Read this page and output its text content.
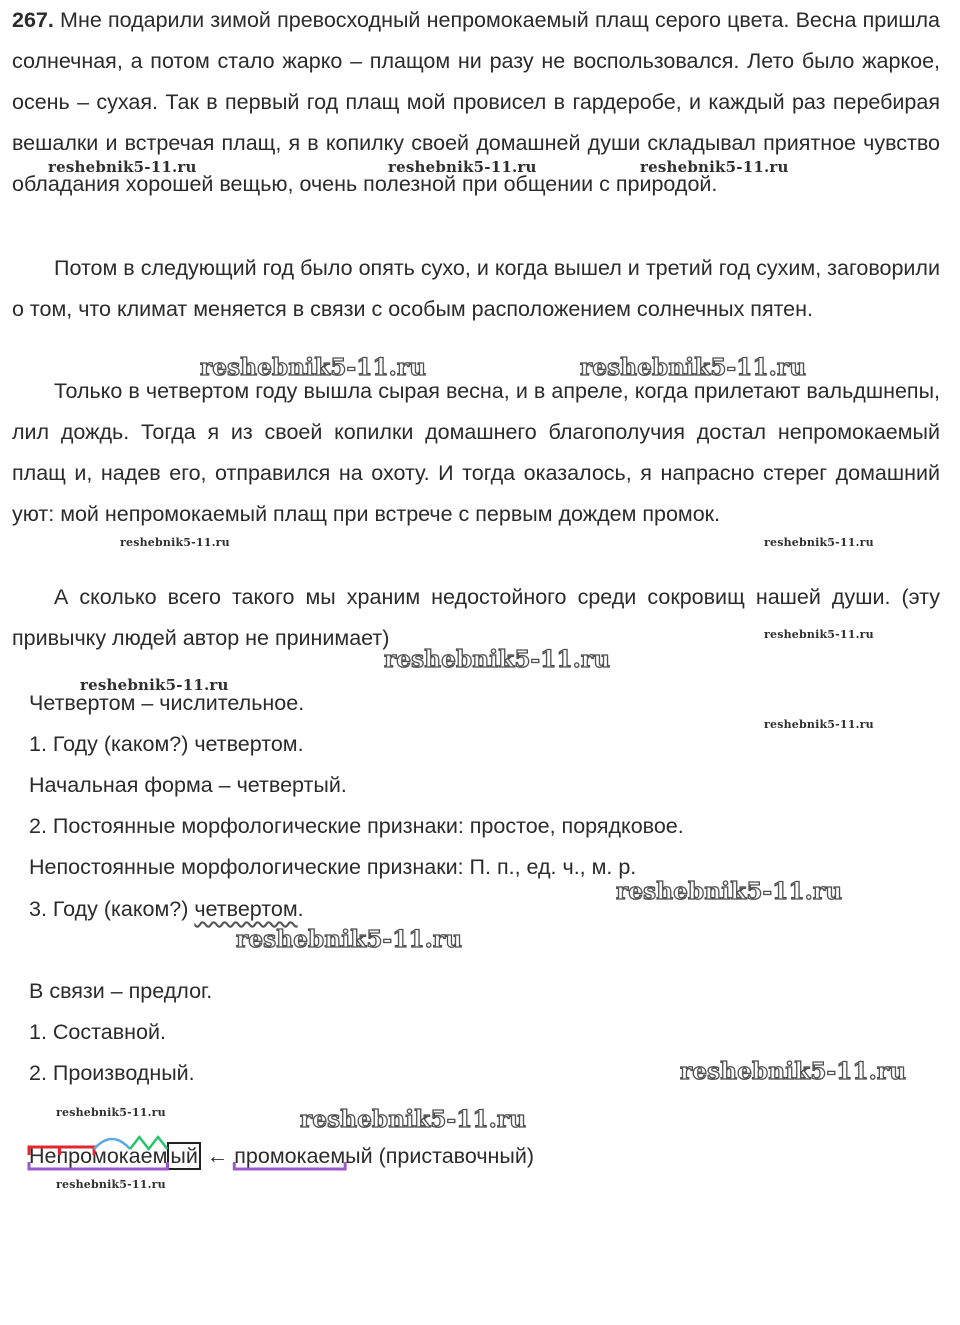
267. Мне подарили зимой превосходный непромокаемый плащ серого цвета. Весна пришла солнечная, а потом стало жарко – плащом ни разу не воспользовался. Лето было жаркое, осень – сухая. Так в первый год плащ мой провисел в гардеробе, и каждый раз перебирая вешалки и встречая плащ, я в копилку своей домашней души складывал приятное чувство обладания хорошей вещью, очень полезной при общении с природой.

Потом в следующий год было опять сухо, и когда вышел и третий год сухим, заговорили о том, что климат меняется в связи с особым расположением солнечных пятен.

Только в четвертом году вышла сырая весна, и в апреле, когда прилетают вальдшнепы, лил дождь. Тогда я из своей копилки домашнего благополучия достал непромокаемый плащ и, надев его, отправился на охоту. И тогда оказалось, я напрасно стерег домашний уют: мой непромокаемый плащ при встрече с первым дождем промок.

А сколько всего такого мы храним недостойного среди сокровищ нашей души. (эту привычку людей автор не принимает)

Четвертом – числительное.
1. Году (каком?) четвертом.
Начальная форма – четвертый.
2. Постоянные морфологические признаки: простое, порядковое.
Непостоянные морфологические признаки: П. п., ед. ч., м. р.
3. Году (каком?) четвертом.
В связи – предлог.
1. Составной.
2. Производный.
Непромокаем ый ← промокаемый (приставочный)
reshebnik5-11.ru	reshebnik5-11.ru	reshebnik5-11.ru
reshebnik5-11.ru	reshebnik5-11.ru
reshebnik5-11.ru	reshebnik5-11.ru
reshebnik5-11.ru
reshebnik5-11.ru
reshebnik5-11.ru
reshebnik5-11.ru
reshebnik5-11.ru
reshebnik5-11.ru
reshebnik5-11.ru
reshebnik5-11.ru	reshebnik5-11.ru
reshebnik5-11.ru
